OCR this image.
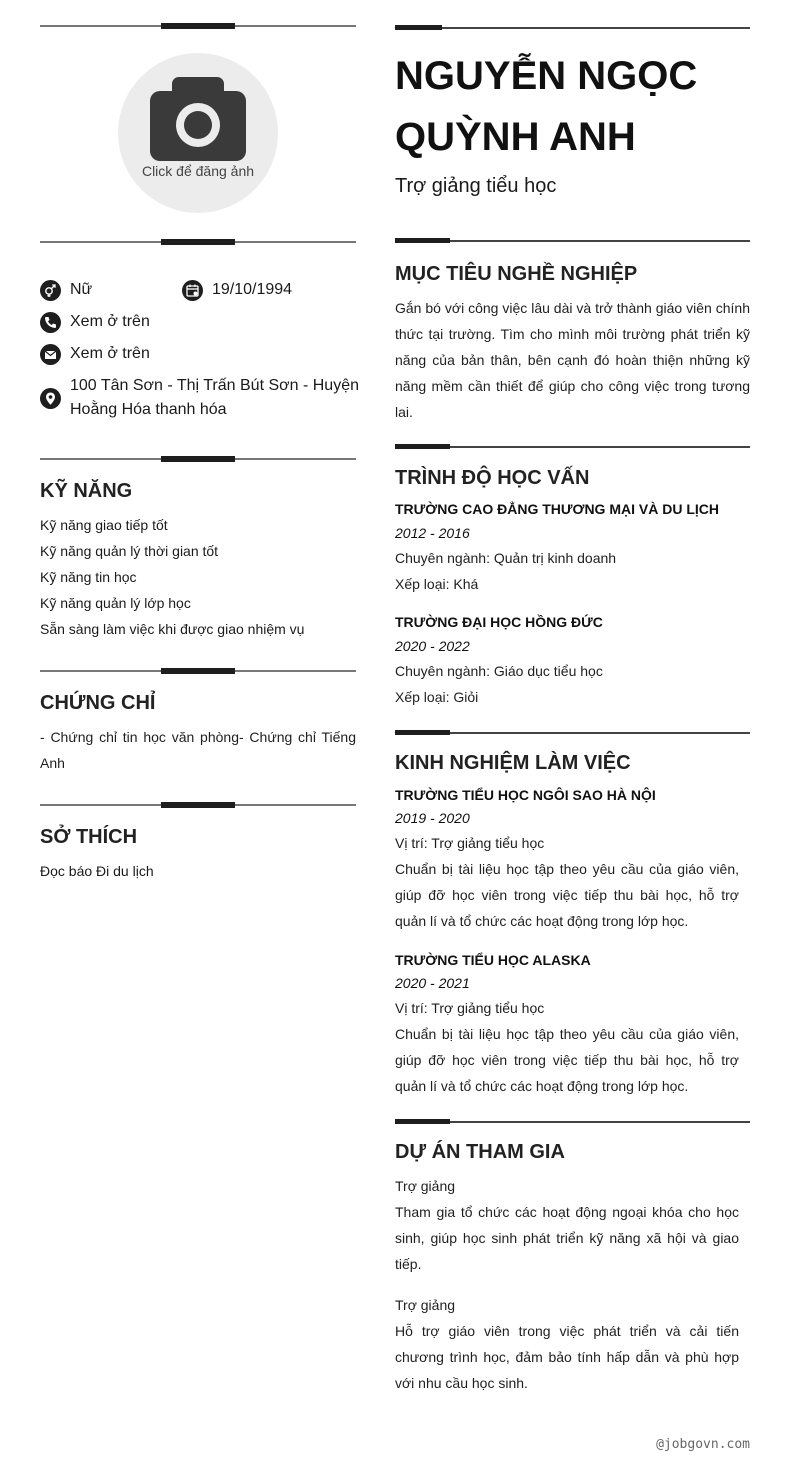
Click để đăng ảnh
Nữ	19/10/1994
Xem ở trên
Xem ở trên
100 Tân Sơn - Thị Trấn Bút Sơn - Huyện Hoằng Hóa thanh hóa
KỸ NĂNG
Kỹ năng giao tiếp tốt
Kỹ năng quản lý thời gian tốt
Kỹ năng tin học
Kỹ năng quản lý lớp học
Sẵn sàng làm việc khi được giao nhiệm vụ
CHỨNG CHỈ
- Chứng chỉ tin học văn phòng- Chứng chỉ Tiếng Anh
SỞ THÍCH
Đọc báo Đi du lịch
NGUYỄN NGỌC QUỲNH ANH
Trợ giảng tiểu học
MỤC TIÊU NGHỀ NGHIỆP
Gắn bó với công việc lâu dài và trở thành giáo viên chính thức tại trường. Tìm cho mình môi trường phát triển kỹ năng của bản thân, bên cạnh đó hoàn thiện những kỹ năng mềm cần thiết để giúp cho công việc trong tương lai.
TRÌNH ĐỘ HỌC VẤN
TRƯỜNG CAO ĐẲNG THƯƠNG MẠI VÀ DU LỊCH
2012 - 2016
Chuyên ngành: Quản trị kinh doanh
Xếp loại: Khá
TRƯỜNG ĐẠI HỌC HỒNG ĐỨC
2020 - 2022
Chuyên ngành: Giáo dục tiểu học
Xếp loại: Giỏi
KINH NGHIỆM LÀM VIỆC
TRƯỜNG TIỂU HỌC NGÔI SAO HÀ NỘI
2019 - 2020
Vị trí: Trợ giảng tiểu học
Chuẩn bị tài liệu học tập theo yêu cầu của giáo viên, giúp đỡ học viên trong việc tiếp thu bài học, hỗ trợ quản lí và tổ chức các hoạt động trong lớp học.
TRƯỜNG TIỂU HỌC ALASKA
2020 - 2021
Vị trí: Trợ giảng tiểu học
Chuẩn bị tài liệu học tập theo yêu cầu của giáo viên, giúp đỡ học viên trong việc tiếp thu bài học, hỗ trợ quản lí và tổ chức các hoạt động trong lớp học.
DỰ ÁN THAM GIA
Trợ giảng
Tham gia tổ chức các hoạt động ngoại khóa cho học sinh, giúp học sinh phát triển kỹ năng xã hội và giao tiếp.
Trợ giảng
Hỗ trợ giáo viên trong việc phát triển và cải tiến chương trình học, đảm bảo tính hấp dẫn và phù hợp với nhu cầu học sinh.
@jobgovn.com
